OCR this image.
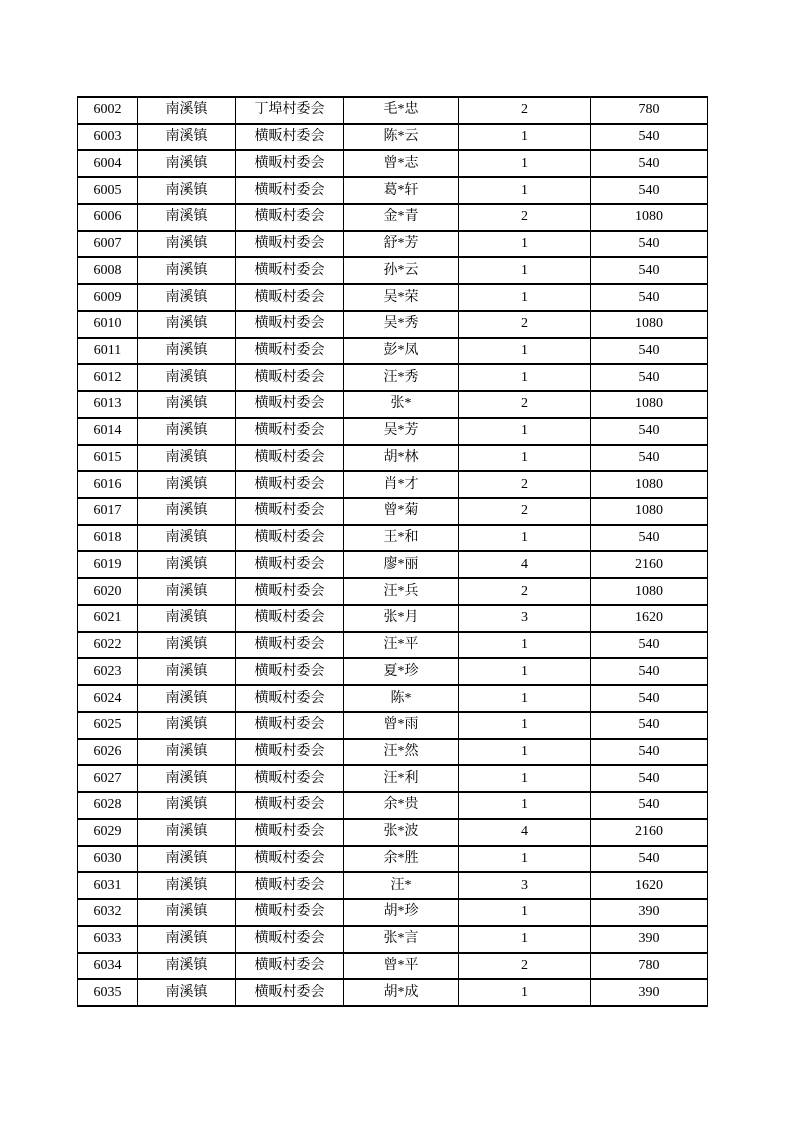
6002	南溪镇	丁埠村委会	毛*忠	2	780
6003	南溪镇	横畈村委会	陈*云	1	540
6004	南溪镇	横畈村委会	曾*志	1	540
6005	南溪镇	横畈村委会	葛*轩	1	540
6006	南溪镇	横畈村委会	金*青	2	1080
6007	南溪镇	横畈村委会	舒*芳	1	540
6008	南溪镇	横畈村委会	孙*云	1	540
6009	南溪镇	横畈村委会	吴*荣	1	540
6010	南溪镇	横畈村委会	吴*秀	2	1080
6011	南溪镇	横畈村委会	彭*凤	1	540
6012	南溪镇	横畈村委会	汪*秀	1	540
6013	南溪镇	横畈村委会	张*	2	1080
6014	南溪镇	横畈村委会	吴*芳	1	540
6015	南溪镇	横畈村委会	胡*林	1	540
6016	南溪镇	横畈村委会	肖*才	2	1080
6017	南溪镇	横畈村委会	曾*菊	2	1080
6018	南溪镇	横畈村委会	王*和	1	540
6019	南溪镇	横畈村委会	廖*丽	4	2160
6020	南溪镇	横畈村委会	汪*兵	2	1080
6021	南溪镇	横畈村委会	张*月	3	1620
6022	南溪镇	横畈村委会	汪*平	1	540
6023	南溪镇	横畈村委会	夏*珍	1	540
6024	南溪镇	横畈村委会	陈*	1	540
6025	南溪镇	横畈村委会	曾*雨	1	540
6026	南溪镇	横畈村委会	汪*然	1	540
6027	南溪镇	横畈村委会	汪*利	1	540
6028	南溪镇	横畈村委会	余*贵	1	540
6029	南溪镇	横畈村委会	张*波	4	2160
6030	南溪镇	横畈村委会	余*胜	1	540
6031	南溪镇	横畈村委会	汪*	3	1620
6032	南溪镇	横畈村委会	胡*珍	1	390
6033	南溪镇	横畈村委会	张*言	1	390
6034	南溪镇	横畈村委会	曾*平	2	780
6035	南溪镇	横畈村委会	胡*成	1	390
